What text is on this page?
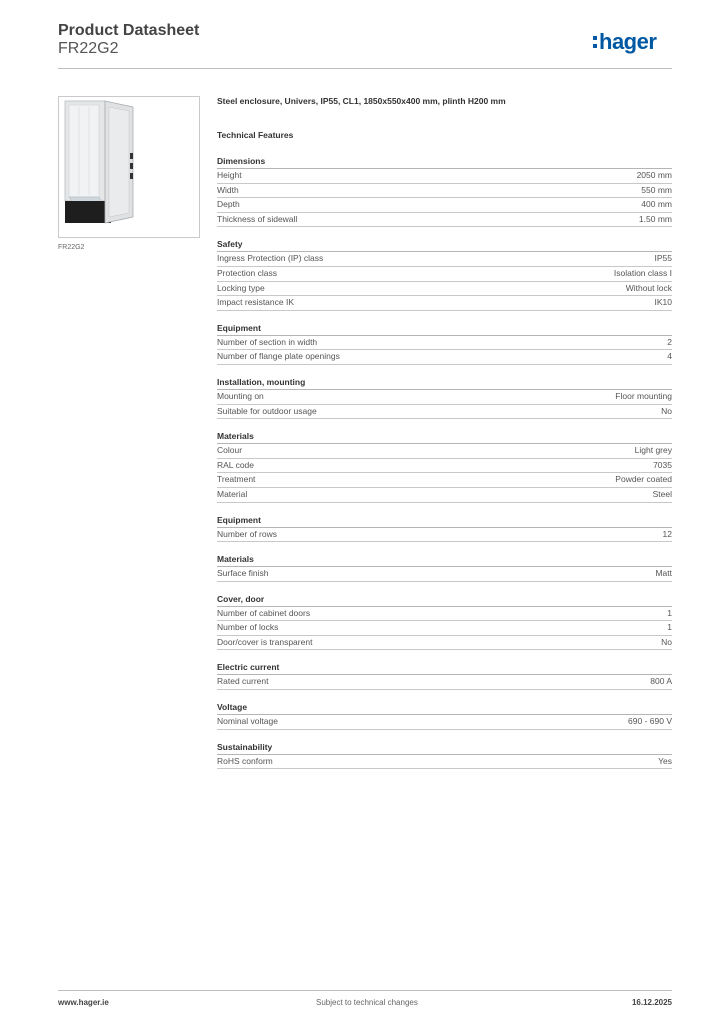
Product Datasheet
FR22G2	hager
FR22G2
Steel enclosure, Univers, IP55, CL1, 1850x550x400 mm, plinth H200 mm
Technical Features
Dimensions
Height	2050 mm
Width	550 mm
Depth	400 mm
Thickness of sidewall	1.50 mm
Safety
Ingress Protection (IP) class	IP55
Protection class	Isolation class I
Locking type	Without lock
Impact resistance IK	IK10
Equipment
Number of section in width	2
Number of flange plate openings	4
Installation, mounting
Mounting on	Floor mounting
Suitable for outdoor usage	No
Materials
Colour	Light grey
RAL code	7035
Treatment	Powder coated
Material	Steel
Equipment
Number of rows	12
Materials
Surface finish	Matt
Cover, door
Number of cabinet doors	1
Number of locks	1
Door/cover is transparent	No
Electric current
Rated current	800 A
Voltage
Nominal voltage	690 - 690 V
Sustainability
RoHS conform	Yes
www.hager.ie	Subject to technical changes	16.12.2025
